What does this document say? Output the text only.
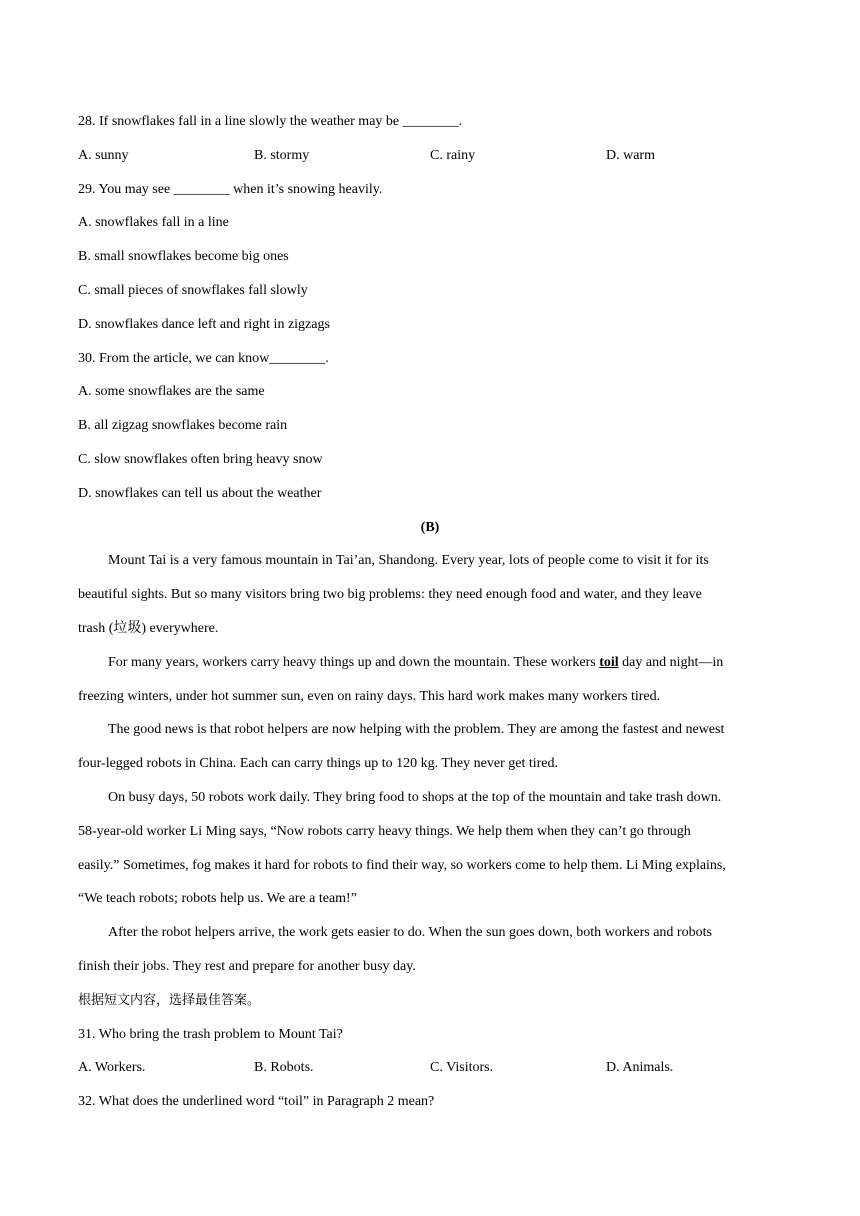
28. If snowflakes fall in a line slowly the weather may be ________.
A. sunny	B. stormy	C. rainy	D. warm
29. You may see ________ when it’s snowing heavily.
A. snowflakes fall in a line
B. small snowflakes become big ones
C. small pieces of snowflakes fall slowly
D. snowflakes dance left and right in zigzags
30. From the article, we can know________.
A. some snowflakes are the same
B. all zigzag snowflakes become rain
C. slow snowflakes often bring heavy snow
D. snowflakes can tell us about the weather
(B)
Mount Tai is a very famous mountain in Tai’an, Shandong. Every year, lots of people come to visit it for its
beautiful sights. But so many visitors bring two big problems: they need enough food and water, and they leave
trash (垃圾) everywhere.
For many years, workers carry heavy things up and down the mountain. These workers toil day and night—in
freezing winters, under hot summer sun, even on rainy days. This hard work makes many workers tired.
The good news is that robot helpers are now helping with the problem. They are among the fastest and newest
four-legged robots in China. Each can carry things up to 120 kg. They never get tired.
On busy days, 50 robots work daily. They bring food to shops at the top of the mountain and take trash down.
58-year-old worker Li Ming says, “Now robots carry heavy things. We help them when they can’t go through
easily.” Sometimes, fog makes it hard for robots to find their way, so workers come to help them. Li Ming explains,
“We teach robots; robots help us. We are a team!”
After the robot helpers arrive, the work gets easier to do. When the sun goes down, both workers and robots
finish their jobs. They rest and prepare for another busy day.
根据短文内容，选择最佳答案。
31. Who bring the trash problem to Mount Tai?
A. Workers.	B. Robots.	C. Visitors.	D. Animals.
32. What does the underlined word “toil” in Paragraph 2 mean?
